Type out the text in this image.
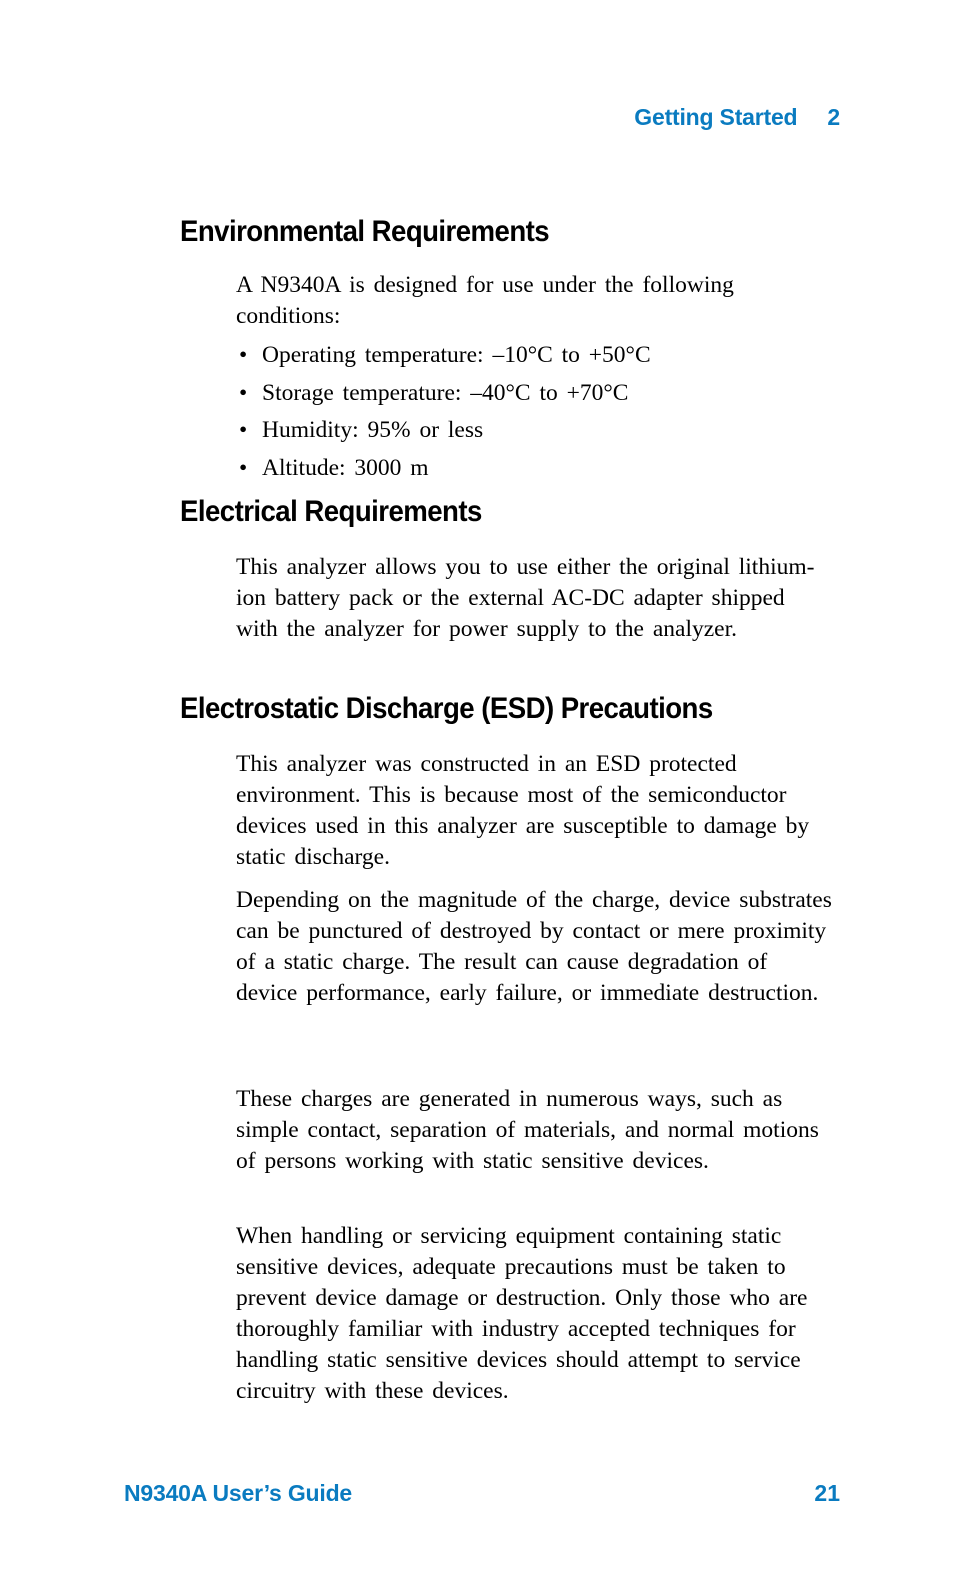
Getting Started 2
Environmental Requirements

A N9340A is designed for use under the following conditions:

• Operating temperature: –10°C to +50°C
• Storage temperature: –40°C to +70°C
• Humidity: 95% or less
• Altitude: 3000 m
Electrical Requirements

This analyzer allows you to use either the original lithium-ion battery pack or the external AC-DC adapter shipped with the analyzer for power supply to the analyzer.

Electrostatic Discharge (ESD) Precautions

This analyzer was constructed in an ESD protected environment. This is because most of the semiconductor devices used in this analyzer are susceptible to damage by static discharge.

Depending on the magnitude of the charge, device substrates can be punctured of destroyed by contact or mere proximity of a static charge. The result can cause degradation of device performance, early failure, or immediate destruction.

These charges are generated in numerous ways, such as simple contact, separation of materials, and normal motions of persons working with static sensitive devices.

When handling or servicing equipment containing static sensitive devices, adequate precautions must be taken to prevent device damage or destruction. Only those who are thoroughly familiar with industry accepted techniques for handling static sensitive devices should attempt to service circuitry with these devices.

N9340A User’s Guide	21
